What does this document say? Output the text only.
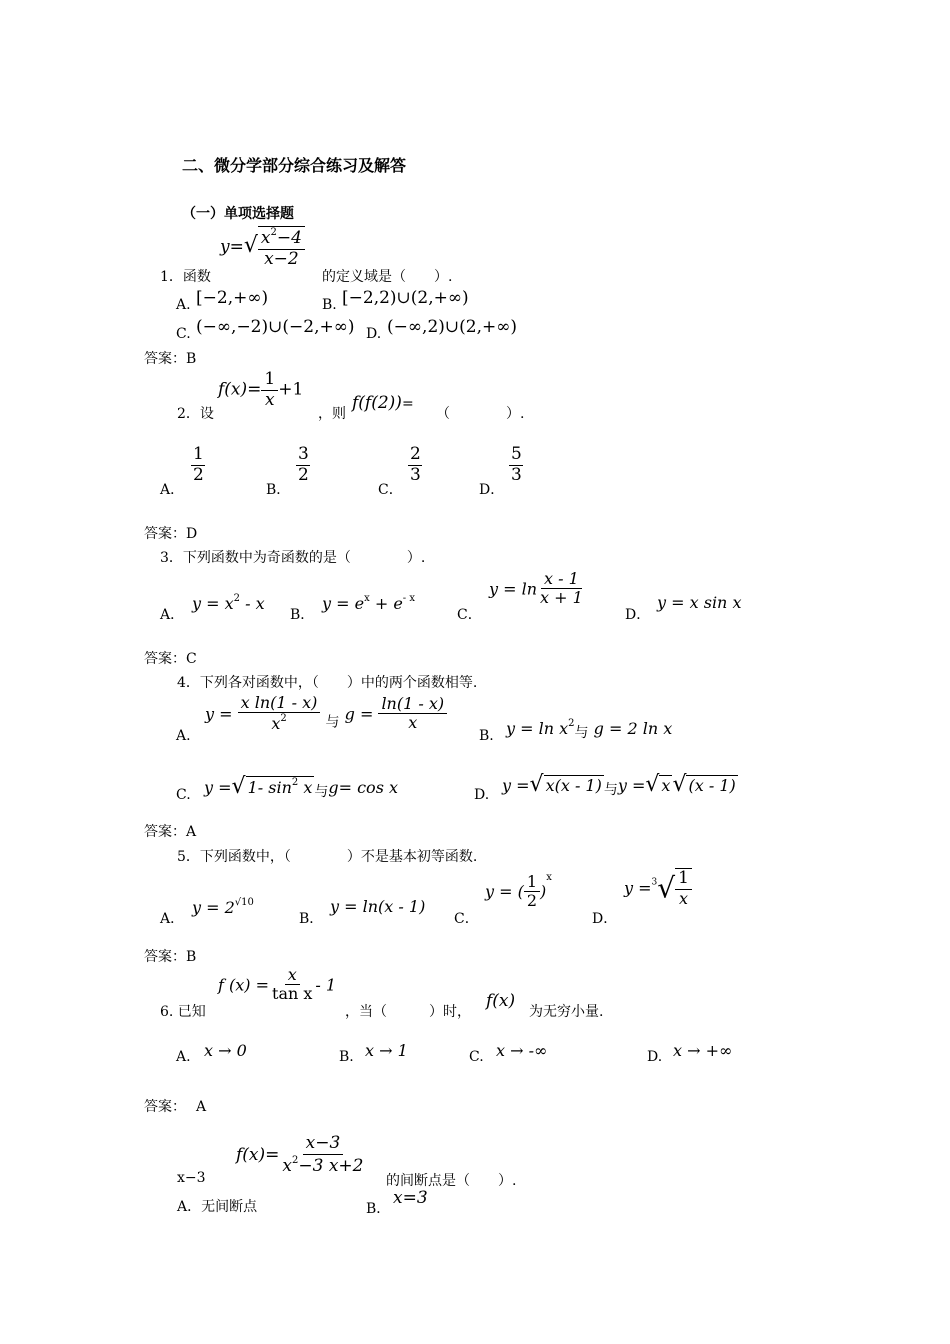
二、微分学部分综合练习及解答
（一）单项选择题
1．函数
$y=√ \frac{x^2-4}{x-2}$
的定义域是（　　）.
A. [−2,+∞)	B. [−2,2)∪(2,+∞)
C. (−∞,−2)∪(−2,+∞) D. (−∞,2)∪(2,+∞)
答案：B
2．设
$f(x)= \frac{1}{x} +1$
，则
f(f(2))=
（　　　　）.
A．
1
2
B．
3
2
C．
2
3
D．
5
3
答案：D
3．下列函数中为奇函数的是（　　　　）.
A．
$y = x^2 - x$
B．
$y = e^x + e^{- x}$
C．
$y = \ln \frac{x - 1}{x + 1}$
D．
y = x sin x
答案：C
4．下列各对函数中，（　　）中的两个函数相等.
A.
$y = \frac{\text{x ln(1 - x)}}{x^2}$ 与 $g = \frac{\ln(1 - x)}{x}$
B. $y = \ln x^2$与 g = 2 ln x
C. y =√ 1- $\sin^2 x$ 与g= cos x	D. y =√ x(x - 1) 与y =√ x√ (x - 1)
答案：A
5．下列函数中，（　　　　）不是基本初等函数.
A．
$y = 2^{√10}$
B．
y = ln(x - 1)
C．
y = ( $\frac{1}{2} )^x$
D．
$y =^3√ \frac{1}{x}$
答案：B
6. 已知
f $(x) = \frac{x}{\text{tan x}} - 1$
，当（　　　）时，
f(x)
为无穷小量.
A. x → 0	B. x → 1	C. x → -∞	D. x → +∞
答案： A
x−3
$f(x)= \frac{x-3}{x^2-3 x+2}$
的间断点是（　　）.
A．无间断点	B．
x=3
